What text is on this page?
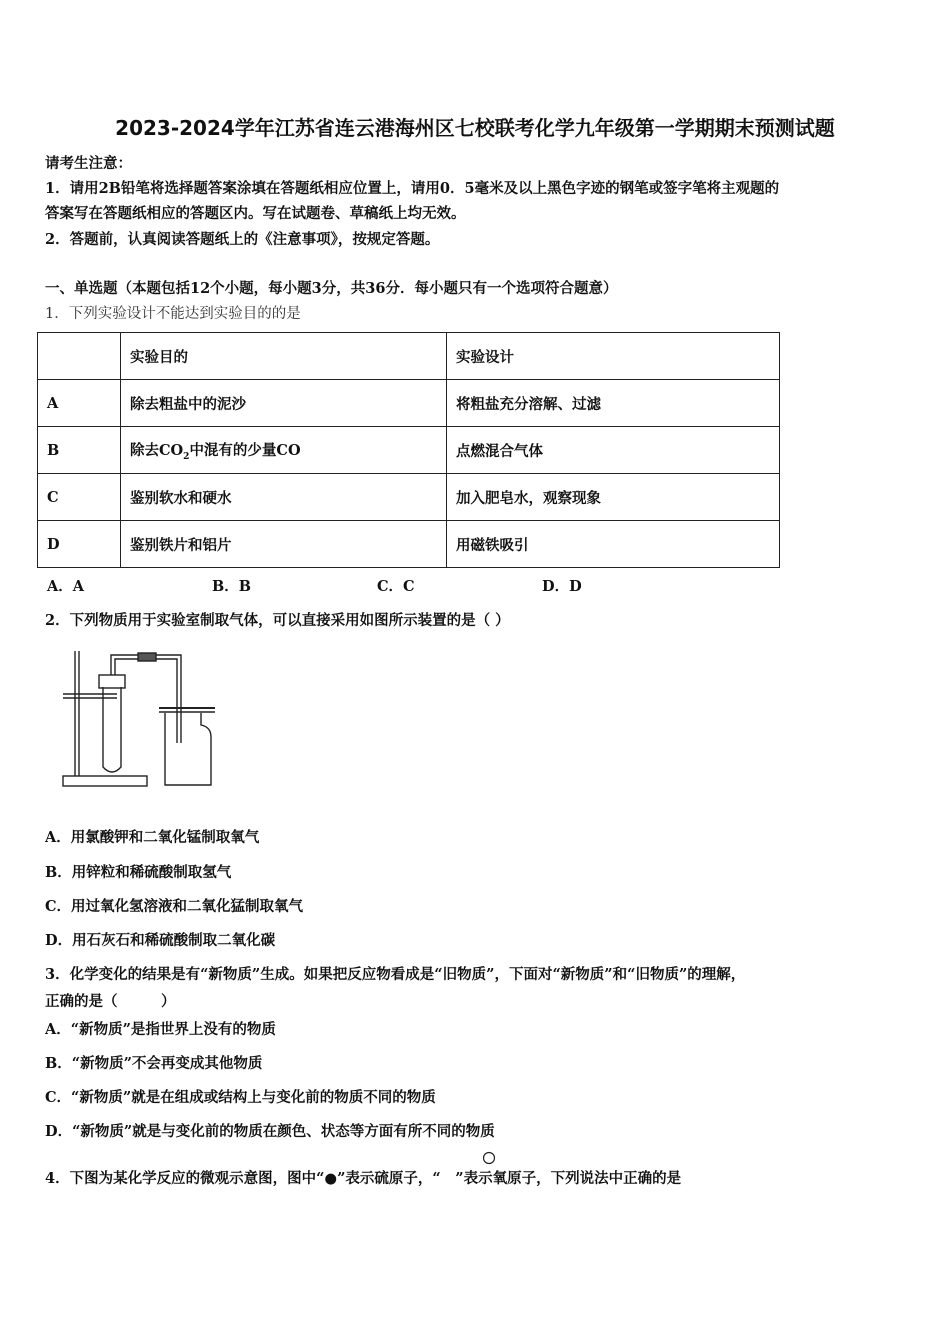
2023-2024学年江苏省连云港海州区七校联考化学九年级第一学期期末预测试题
请考生注意：
1．请用2B铅笔将选择题答案涂填在答题纸相应位置上，请用0．5毫米及以上黑色字迹的钢笔或签字笔将主观题的
答案写在答题纸相应的答题区内。写在试题卷、草稿纸上均无效。
2．答题前，认真阅读答题纸上的《注意事项》，按规定答题。
一、单选题（本题包括12个小题，每小题3分，共36分．每小题只有一个选项符合题意）
1．下列实验设计不能达到实验目的的是
	实验目的	实验设计
A	除去粗盐中的泥沙	将粗盐充分溶解、过滤
B	除去$CO_2$中混有的少量CO	点燃混合气体
C	鉴别软水和硬水	加入肥皂水，观察现象
D	鉴别铁片和铝片	用磁铁吸引
A．A	B．B	C．C	D．D
2．下列物质用于实验室制取气体，可以直接采用如图所示装置的是（ ）
A．用氯酸钾和二氧化锰制取氧气
B．用锌粒和稀硫酸制取氢气
C．用过氧化氢溶液和二氧化猛制取氧气
D．用石灰石和稀硫酸制取二氧化碳
3．化学变化的结果是有“新物质”生成。如果把反应物看成是“旧物质”，下面对“新物质”和“旧物质”的理解，
正确的是（　　　）
A．“新物质”是指世界上没有的物质
B．“新物质”不会再变成其他物质
C．“新物质”就是在组成或结构上与变化前的物质不同的物质
D．“新物质”就是与变化前的物质在颜色、状态等方面有所不同的物质
4．下图为某化学反应的微观示意图，图中“●”表示硫原子，“　”表示氧原子，下列说法中正确的是
